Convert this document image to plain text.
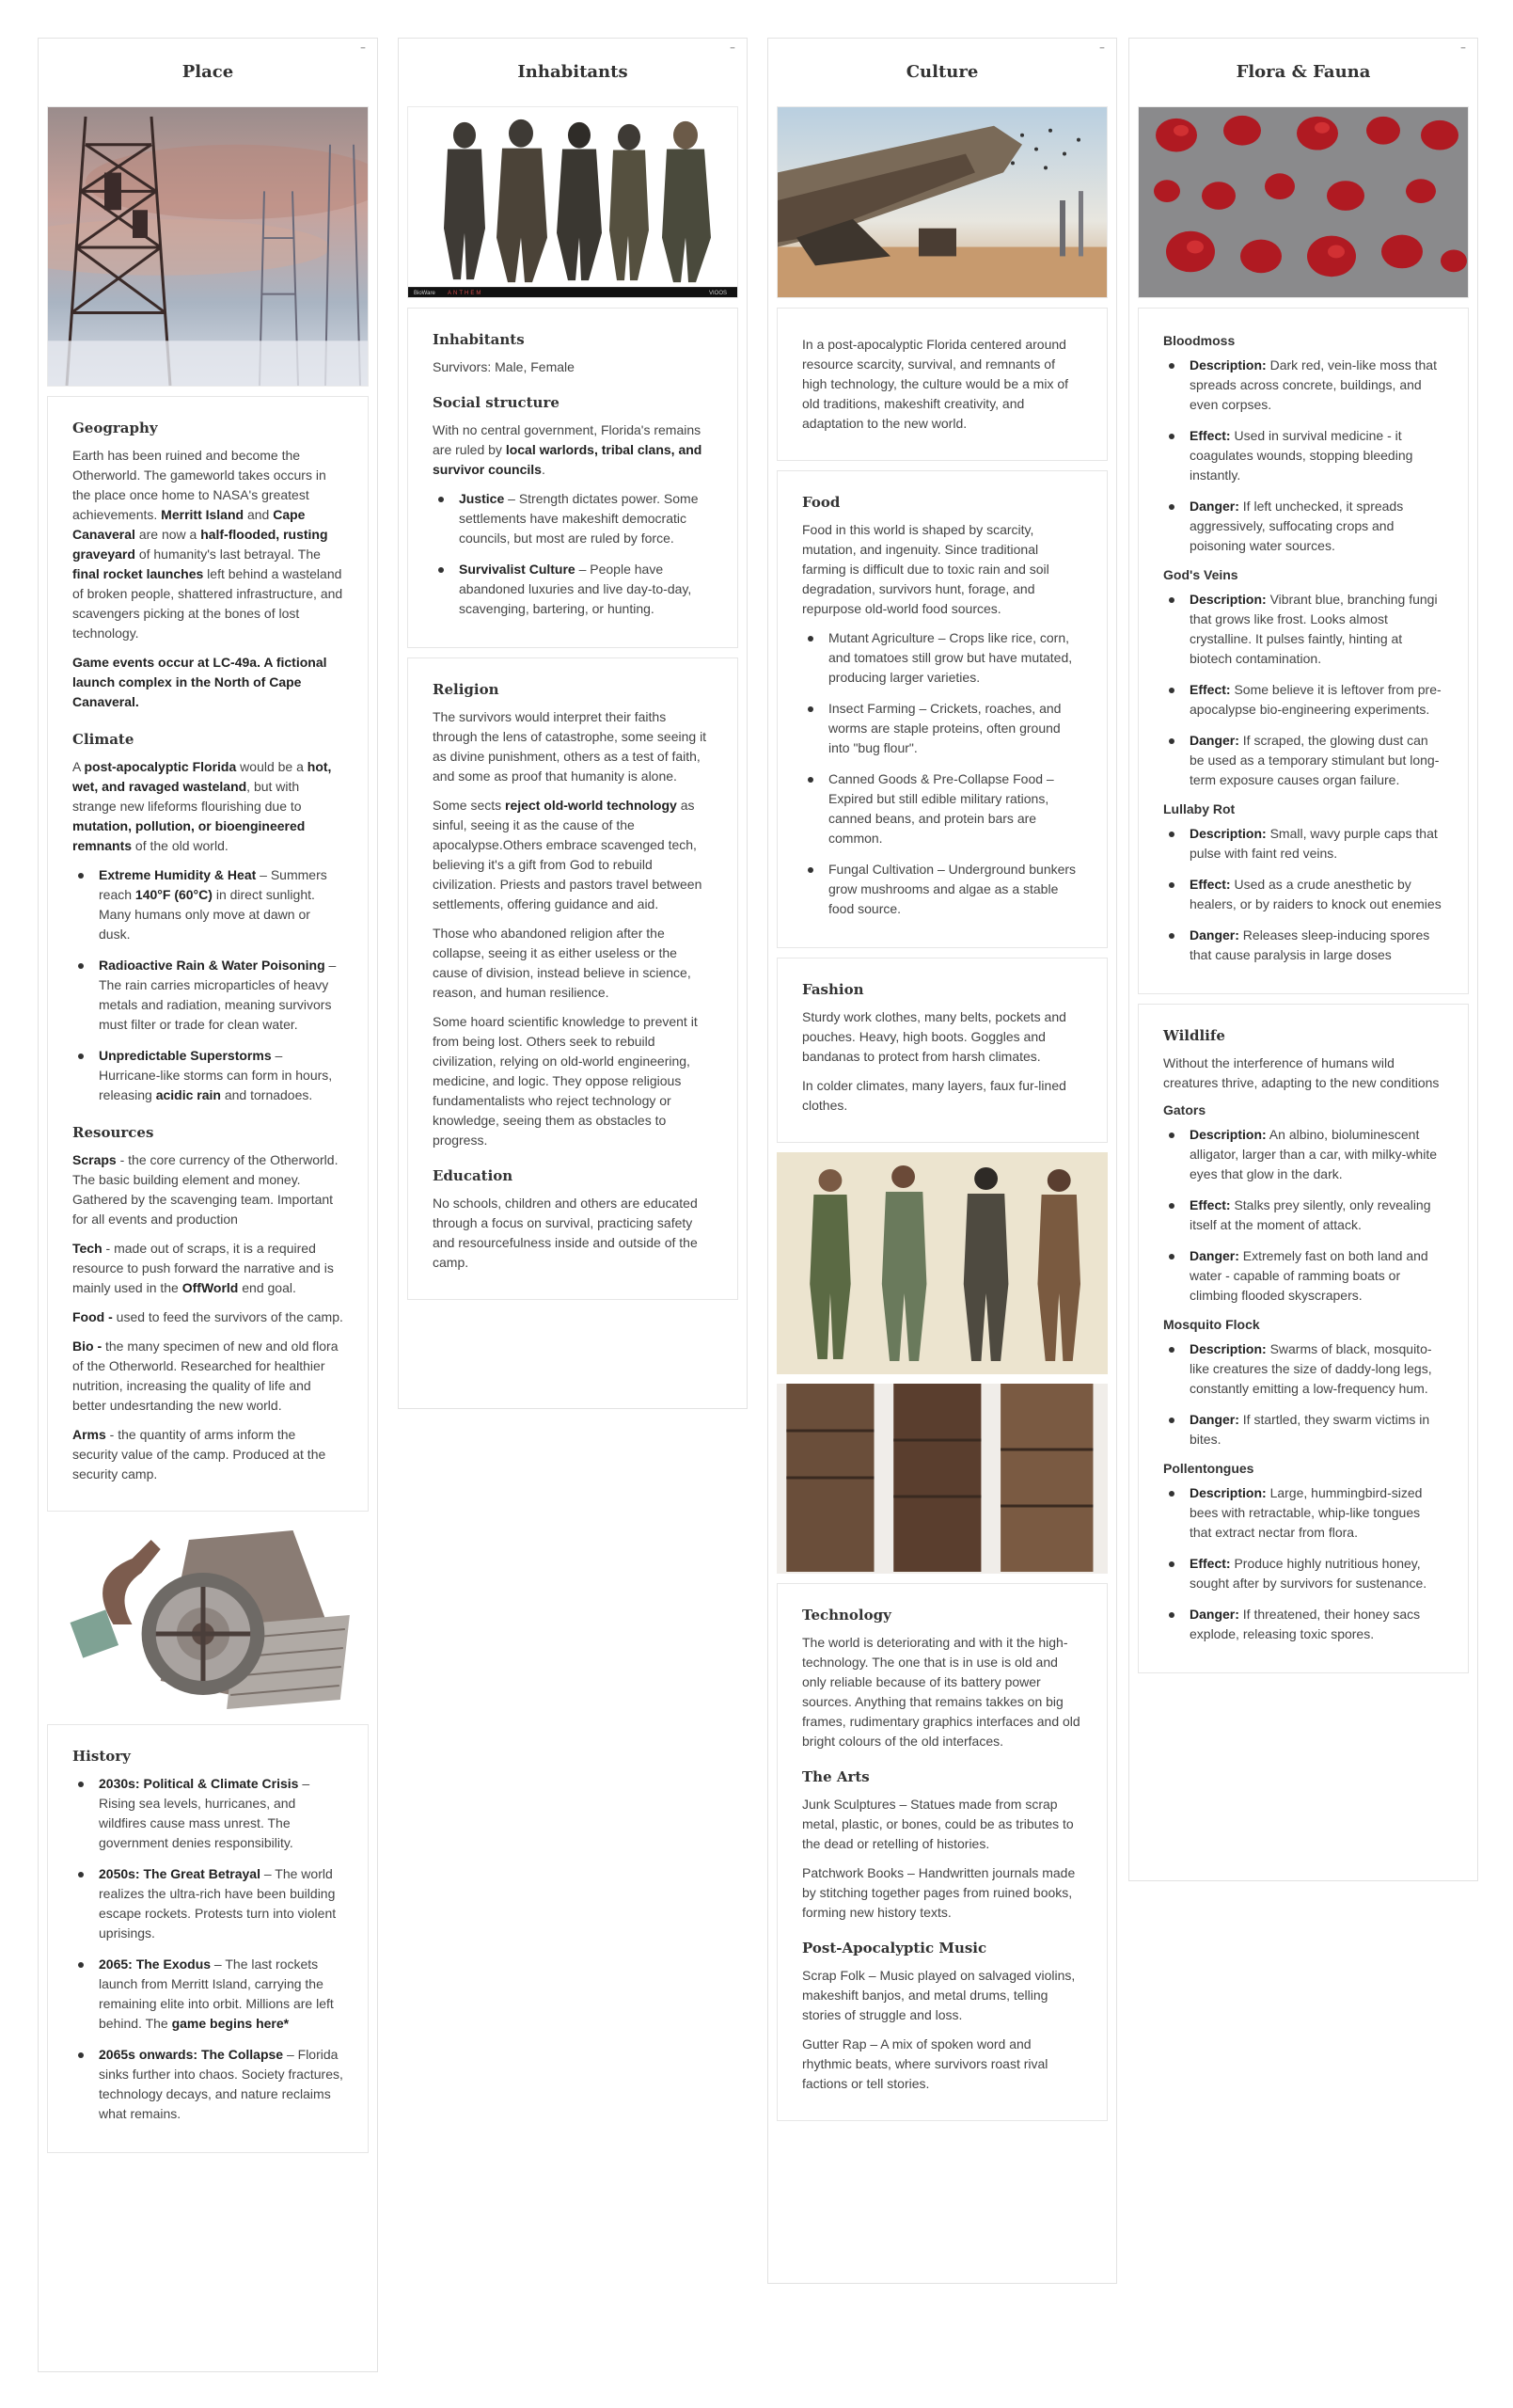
Place
–
Geography

Earth has been ruined and become the Otherworld. The gameworld takes occurs in the place once home to NASA's greatest achievements. Merritt Island and Cape Canaveral are now a half-flooded, rusting graveyard of humanity's last betrayal. The final rocket launches left behind a wasteland of broken people, shattered infrastructure, and scavengers picking at the bones of lost technology.

Game events occur at LC-49a. A fictional launch complex in the North of Cape Canaveral.

Climate

A post-apocalyptic Florida would be a hot, wet, and ravaged wasteland, but with strange new lifeforms flourishing due to mutation, pollution, or bioengineered remnants of the old world.

Extreme Humidity & Heat – Summers reach 140°F (60°C) in direct sunlight. Many humans only move at dawn or dusk.
Radioactive Rain & Water Poisoning – The rain carries microparticles of heavy metals and radiation, meaning survivors must filter or trade for clean water.
Unpredictable Superstorms – Hurricane-like storms can form in hours, releasing acidic rain and tornadoes.
Resources

Scraps - the core currency of the Otherworld. The basic building element and money. Gathered by the scavenging team. Important for all events and production

Tech - made out of scraps, it is a required resource to push forward the narrative and is mainly used in the OffWorld end goal.

Food - used to feed the survivors of the camp.

Bio - the many specimen of new and old flora of the Otherworld. Researched for healthier nutrition, increasing the quality of life and better undesrtanding the new world.

Arms - the quantity of arms inform the security value of the camp. Produced at the security camp.

History
2030s: Political & Climate Crisis – Rising sea levels, hurricanes, and wildfires cause mass unrest. The government denies responsibility.
2050s: The Great Betrayal – The world realizes the ultra-rich have been building escape rockets. Protests turn into violent uprisings.
2065: The Exodus – The last rockets launch from Merritt Island, carrying the remaining elite into orbit. Millions are left behind. The game begins here*
2065s onwards: The Collapse – Florida sinks further into chaos. Society fractures, technology decays, and nature reclaims what remains.
Inhabitants
–
BioWare ANTHEM	VIOOS
Inhabitants

Survivors: Male, Female

Social structure

With no central government, Florida's remains are ruled by local warlords, tribal clans, and survivor councils.

Justice – Strength dictates power. Some settlements have makeshift democratic councils, but most are ruled by force.
Survivalist Culture – People have abandoned luxuries and live day-to-day, scavenging, bartering, or hunting.
Religion

The survivors would interpret their faiths through the lens of catastrophe, some seeing it as divine punishment, others as a test of faith, and some as proof that humanity is alone.

Some sects reject old-world technology as sinful, seeing it as the cause of the apocalypse.Others embrace scavenged tech, believing it's a gift from God to rebuild civilization. Priests and pastors travel between settlements, offering guidance and aid.

Those who abandoned religion after the collapse, seeing it as either useless or the cause of division, instead believe in science, reason, and human resilience.

Some hoard scientific knowledge to prevent it from being lost. Others seek to rebuild civilization, relying on old-world engineering, medicine, and logic. They oppose religious fundamentalists who reject technology or knowledge, seeing them as obstacles to progress.

Education

No schools, children and others are educated through a focus on survival, practicing safety and resourcefulness inside and outside of the camp.

Culture
–

In a post-apocalyptic Florida centered around resource scarcity, survival, and remnants of high technology, the culture would be a mix of old traditions, makeshift creativity, and adaptation to the new world.

Food

Food in this world is shaped by scarcity, mutation, and ingenuity. Since traditional farming is difficult due to toxic rain and soil degradation, survivors hunt, forage, and repurpose old-world food sources.

Mutant Agriculture – Crops like rice, corn, and tomatoes still grow but have mutated, producing larger varieties.
Insect Farming – Crickets, roaches, and worms are staple proteins, often ground into "bug flour".
Canned Goods & Pre-Collapse Food – Expired but still edible military rations, canned beans, and protein bars are common.
Fungal Cultivation – Underground bunkers grow mushrooms and algae as a stable food source.
Fashion

Sturdy work clothes, many belts, pockets and pouches. Heavy, high boots. Goggles and bandanas to protect from harsh climates.

In colder climates, many layers, faux fur-lined clothes.

Technology

The world is deteriorating and with it the high-technology. The one that is in use is old and only reliable because of its battery power sources. Anything that remains takkes on big frames, rudimentary graphics interfaces and old bright colours of the old interfaces.

The Arts

Junk Sculptures – Statues made from scrap metal, plastic, or bones, could be as tributes to the dead or retelling of histories.

Patchwork Books – Handwritten journals made by stitching together pages from ruined books, forming new history texts.

Post-Apocalyptic Music

Scrap Folk – Music played on salvaged violins, makeshift banjos, and metal drums, telling stories of struggle and loss.

Gutter Rap – A mix of spoken word and rhythmic beats, where survivors roast rival factions or tell stories.

Flora & Fauna
–
Bloodmoss
Description: Dark red, vein-like moss that spreads across concrete, buildings, and even corpses.
Effect: Used in survival medicine - it coagulates wounds, stopping bleeding instantly.
Danger: If left unchecked, it spreads aggressively, suffocating crops and poisoning water sources.
God's Veins
Description: Vibrant blue, branching fungi that grows like frost. Looks almost crystalline. It pulses faintly, hinting at biotech contamination.
Effect: Some believe it is leftover from pre-apocalypse bio-engineering experiments.
Danger: If scraped, the glowing dust can be used as a temporary stimulant but long-term exposure causes organ failure.
Lullaby Rot
Description: Small, wavy purple caps that pulse with faint red veins.
Effect: Used as a crude anesthetic by healers, or by raiders to knock out enemies
Danger: Releases sleep-inducing spores that cause paralysis in large doses
Wildlife

Without the interference of humans wild creatures thrive, adapting to the new conditions

Gators
Description: An albino, bioluminescent alligator, larger than a car, with milky-white eyes that glow in the dark.
Effect: Stalks prey silently, only revealing itself at the moment of attack.
Danger: Extremely fast on both land and water - capable of ramming boats or climbing flooded skyscrapers.
Mosquito Flock
Description: Swarms of black, mosquito-like creatures the size of daddy-long legs, constantly emitting a low-frequency hum.
Danger: If startled, they swarm victims in bites.
Pollentongues
Description: Large, hummingbird-sized bees with retractable, whip-like tongues that extract nectar from flora.
Effect: Produce highly nutritious honey, sought after by survivors for sustenance.
Danger: If threatened, their honey sacs explode, releasing toxic spores.
